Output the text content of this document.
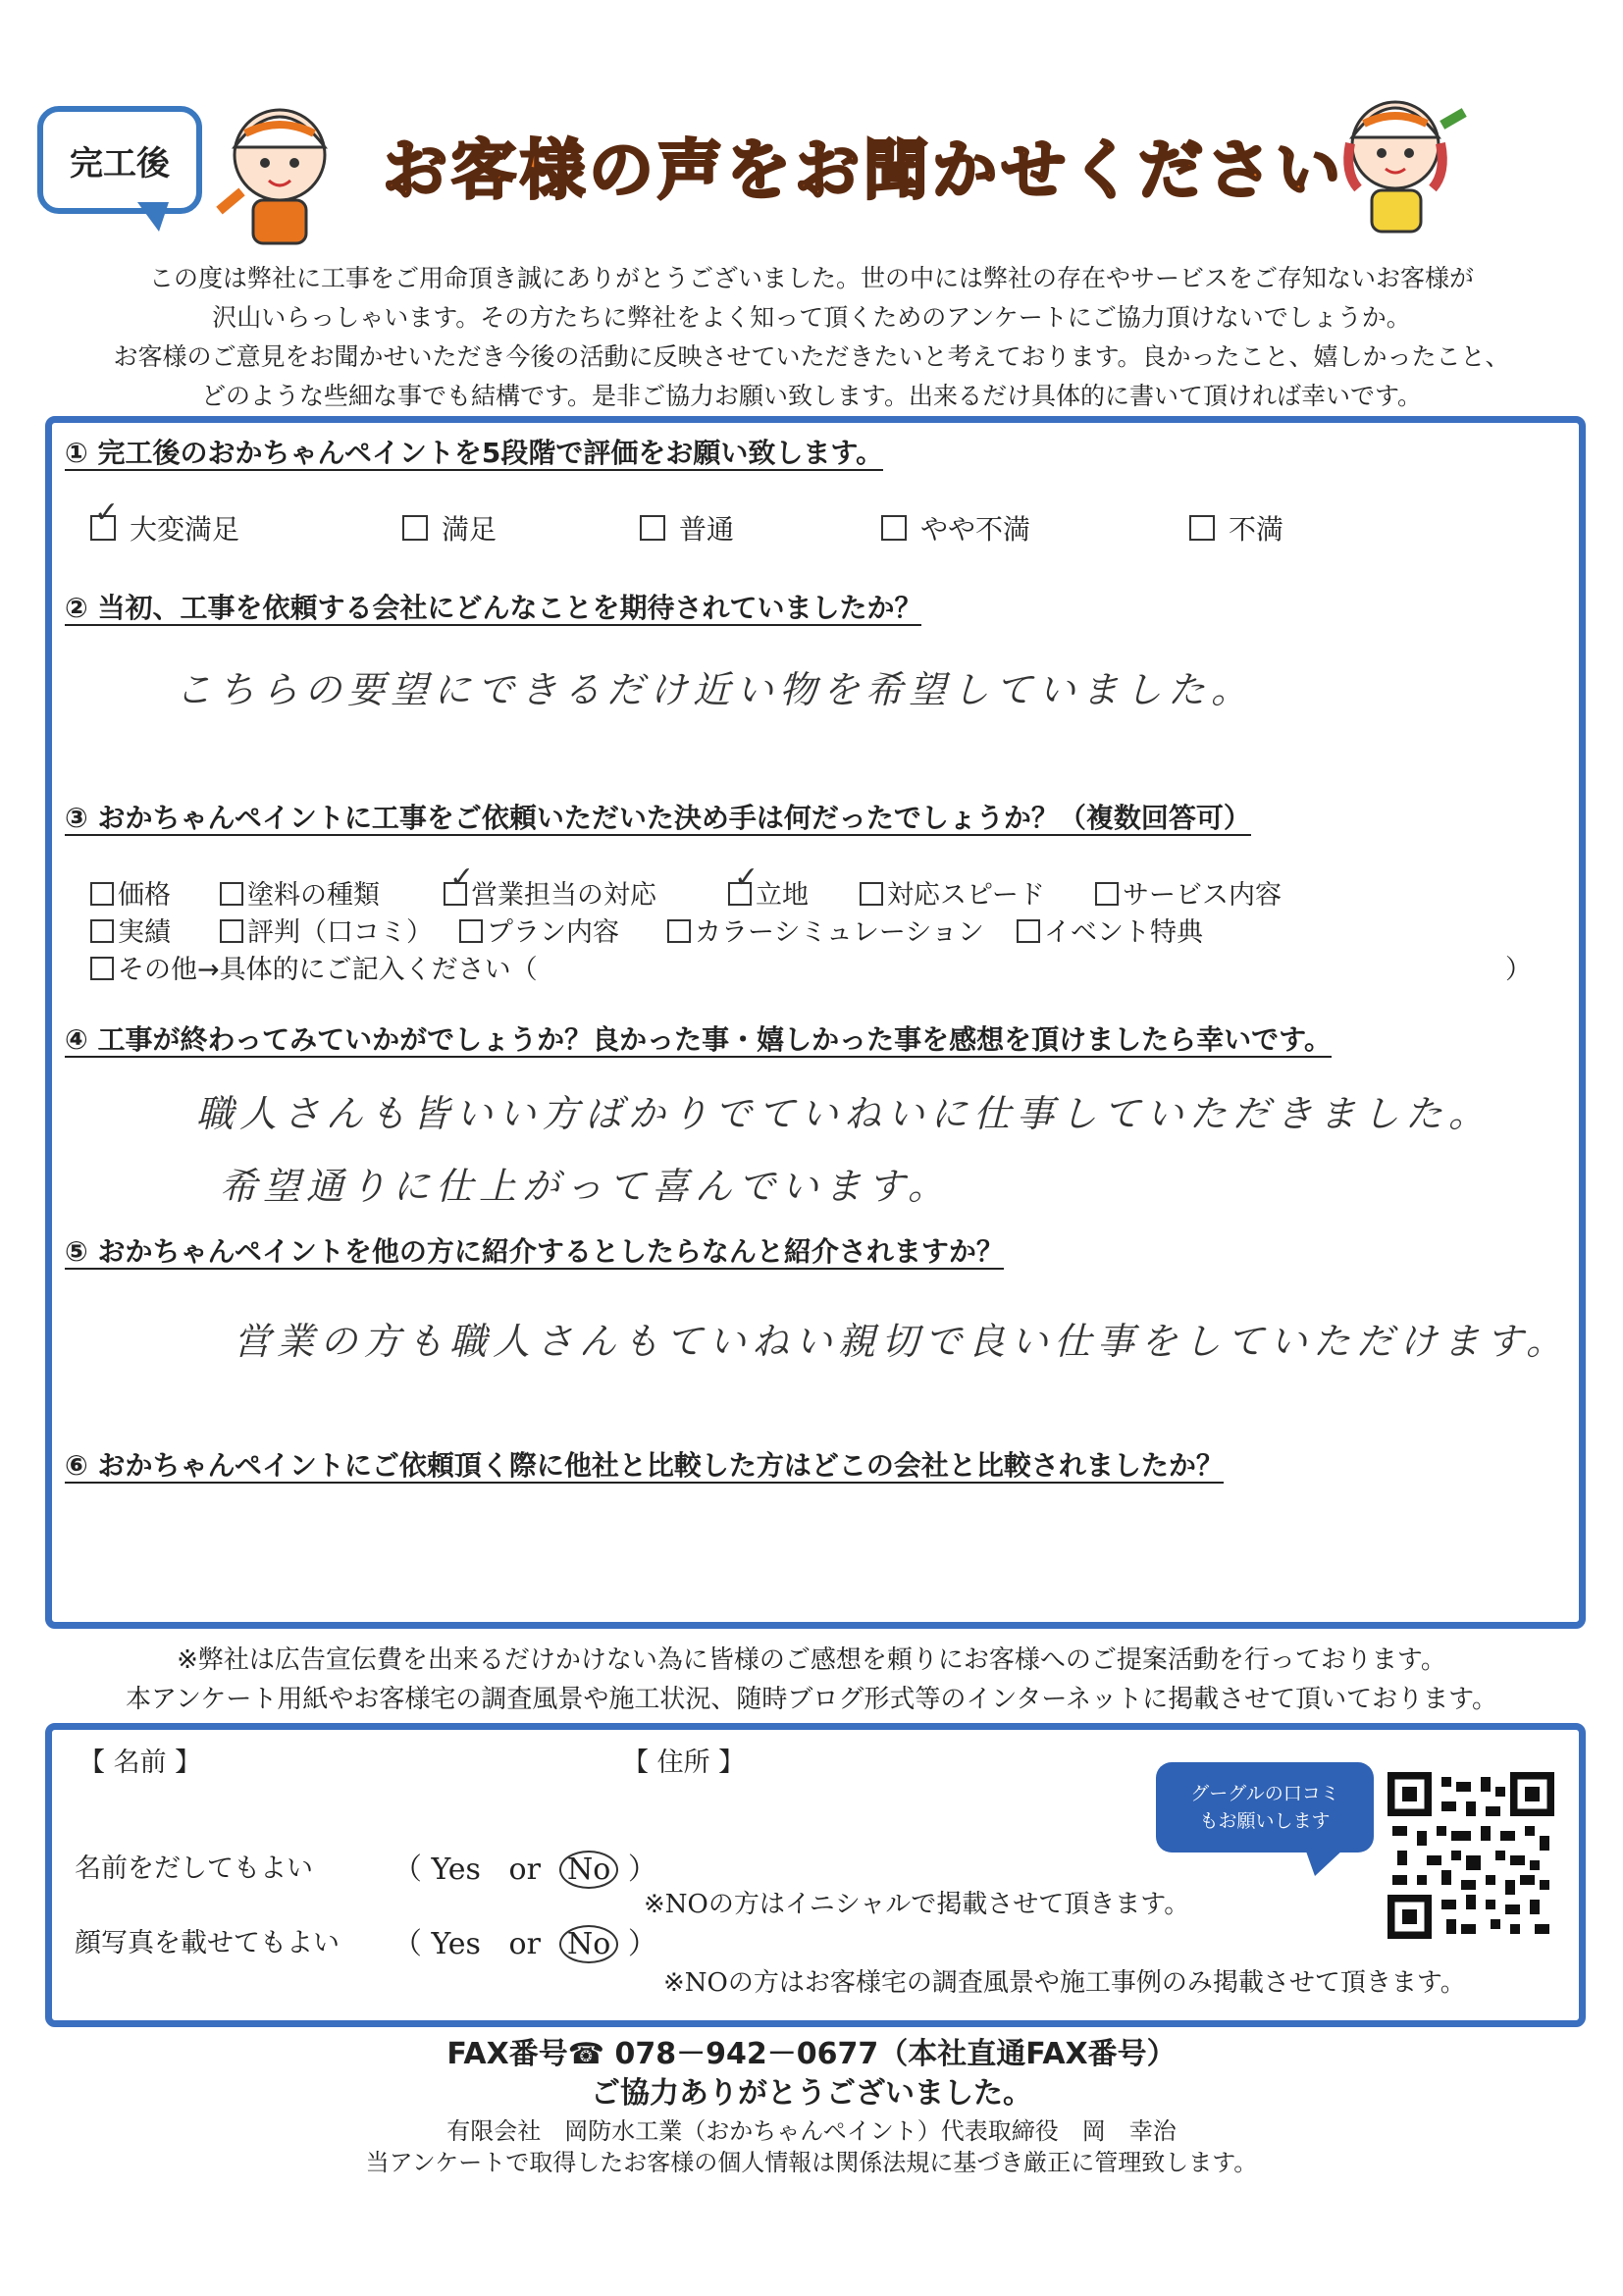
完工後	お客様の声をお聞かせください
この度は弊社に工事をご用命頂き誠にありがとうございました。世の中には弊社の存在やサービスをご存知ないお客様が
沢山いらっしゃいます。その方たちに弊社をよく知って頂くためのアンケートにご協力頂けないでしょうか。
お客様のご意見をお聞かせいただき今後の活動に反映させていただきたいと考えております。良かったこと、嬉しかったこと、
どのような些細な事でも結構です。是非ご協力お願い致します。出来るだけ具体的に書いて頂ければ幸いです。
① 完工後のおかちゃんペイントを5段階で評価をお願い致します。
✓大変満足	満足	普通	やや不満	不満
② 当初、工事を依頼する会社にどんなことを期待されていましたか？
こちらの要望にできるだけ近い物を希望していました。
③ おかちゃんペイントに工事をご依頼いただいた決め手は何だったでしょうか？（複数回答可）
価格	塗料の種類 ✓	営業担当の対応 ✓	立地	対応スピード	サービス内容
実績	評判（口コミ）	プラン内容	カラーシミュレーション	イベント特典
その他→具体的にご記入ください（	）
④ 工事が終わってみていかがでしょうか？良かった事・嬉しかった事を感想を頂けましたら幸いです。
職人さんも皆いい方ばかりでていねいに仕事していただきました。
希望通りに仕上がって喜んでいます。
⑤ おかちゃんペイントを他の方に紹介するとしたらなんと紹介されますか？
営業の方も職人さんもていねい親切で良い仕事をしていただけます。
⑥ おかちゃんペイントにご依頼頂く際に他社と比較した方はどこの会社と比較されましたか？
※弊社は広告宣伝費を出来るだけかけない為に皆様のご感想を頼りにお客様へのご提案活動を行っております。
本アンケート用紙やお客様宅の調査風景や施工状況、随時ブログ形式等のインターネットに掲載させて頂いております。
【 名前 】	【 住所 】
グーグルの口コミ
もお願いします
名前をだしてもよい	（ Yes or No ）
※NOの方はイニシャルで掲載させて頂きます。
顔写真を載せてもよい （ Yes or No ）
※NOの方はお客様宅の調査風景や施工事例のみ掲載させて頂きます。
FAX番号☎ 078－942－0677（本社直通FAX番号）
ご協力ありがとうございました。
有限会社　岡防水工業（おかちゃんペイント）代表取締役　岡　幸治
当アンケートで取得したお客様の個人情報は関係法規に基づき厳正に管理致します。
